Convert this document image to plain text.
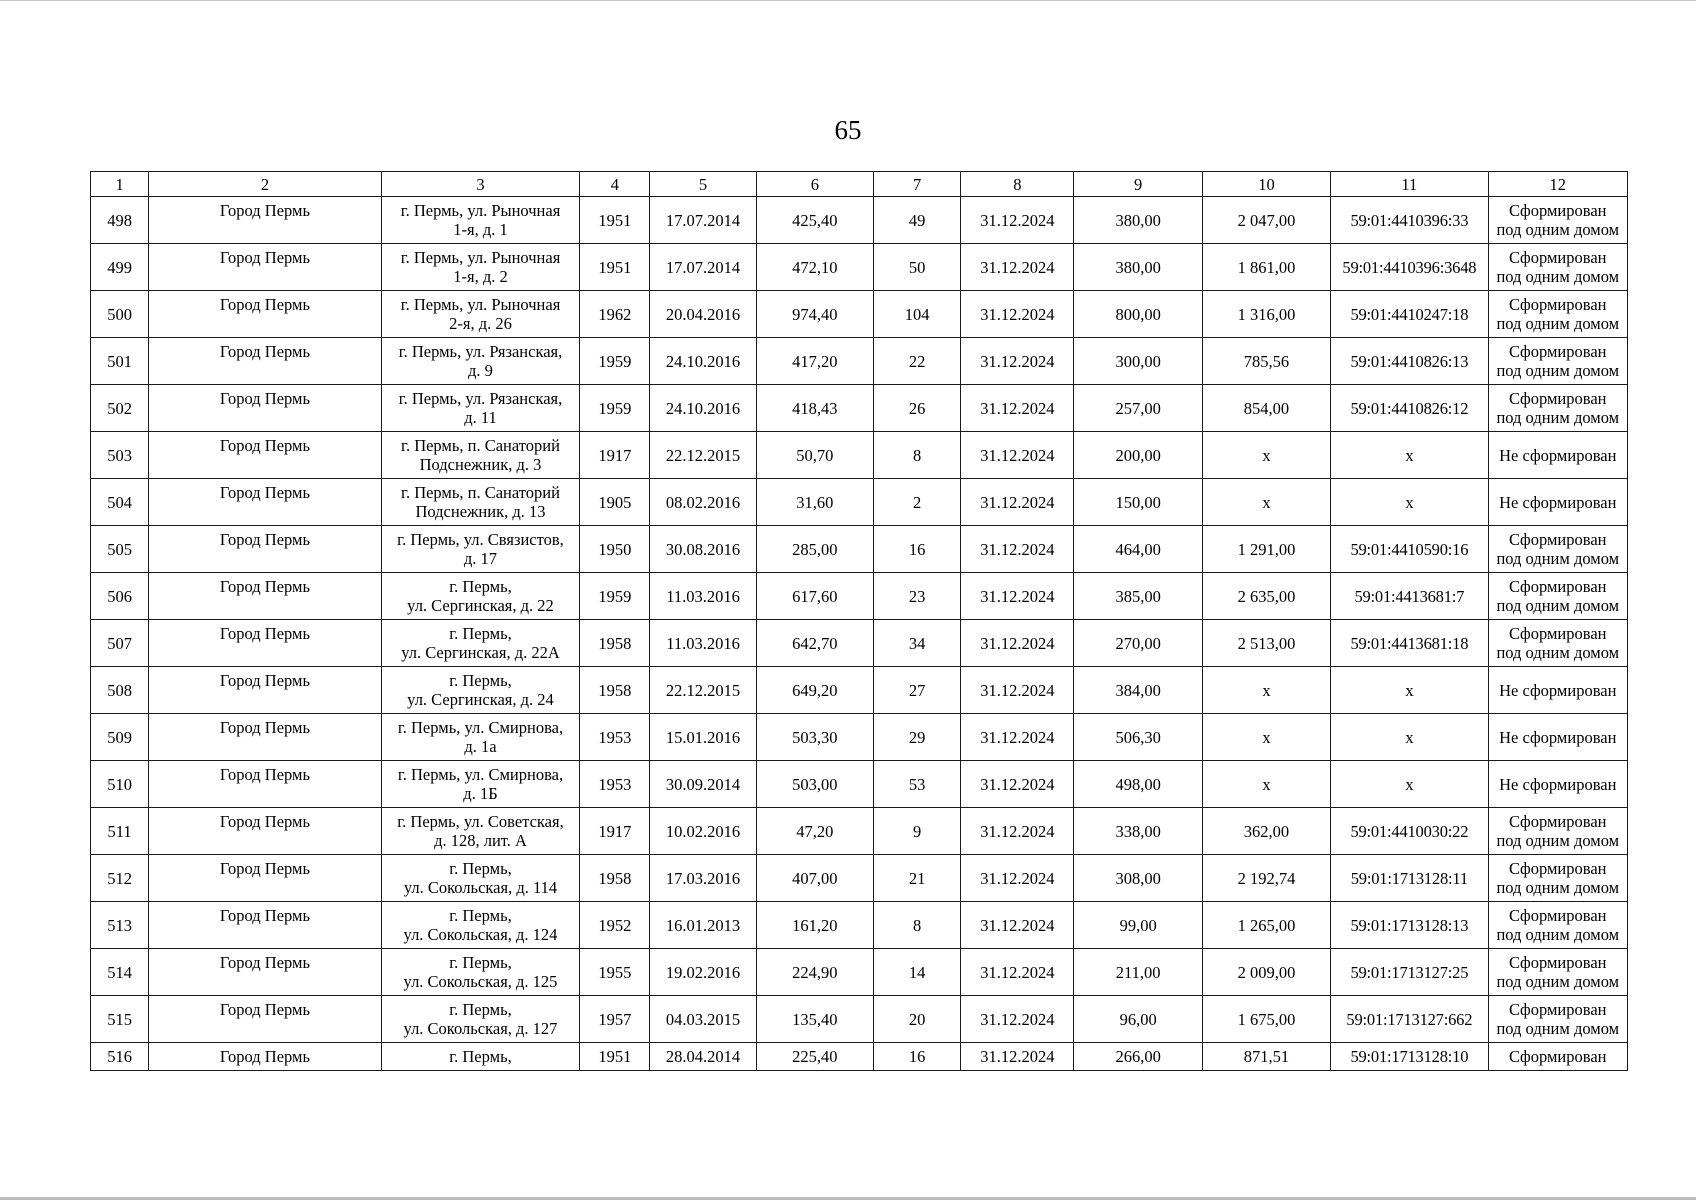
65
1	2	3	4	5	6	7	8	9	10	11	12
498	Город Пермь	г. Пермь, ул. Рыночная
1-я, д. 1	1951	17.07.2014	425,40	49	31.12.2024	380,00	2 047,00	59:01:4410396:33	Сформирован
под одним домом
499	Город Пермь	г. Пермь, ул. Рыночная
1-я, д. 2	1951	17.07.2014	472,10	50	31.12.2024	380,00	1 861,00	59:01:4410396:3648	Сформирован
под одним домом
500	Город Пермь	г. Пермь, ул. Рыночная
2-я, д. 26	1962	20.04.2016	974,40	104	31.12.2024	800,00	1 316,00	59:01:4410247:18	Сформирован
под одним домом
501	Город Пермь	г. Пермь, ул. Рязанская,
д. 9	1959	24.10.2016	417,20	22	31.12.2024	300,00	785,56	59:01:4410826:13	Сформирован
под одним домом
502	Город Пермь	г. Пермь, ул. Рязанская,
д. 11	1959	24.10.2016	418,43	26	31.12.2024	257,00	854,00	59:01:4410826:12	Сформирован
под одним домом
503	Город Пермь	г. Пермь, п. Санаторий
Подснежник, д. 3	1917	22.12.2015	50,70	8	31.12.2024	200,00	x	x	Не сформирован

504	Город Пермь	г. Пермь, п. Санаторий
Подснежник, д. 13	1905	08.02.2016	31,60	2	31.12.2024	150,00	x	x	Не сформирован

505	Город Пермь	г. Пермь, ул. Связистов,
д. 17	1950	30.08.2016	285,00	16	31.12.2024	464,00	1 291,00	59:01:4410590:16	Сформирован
под одним домом
506	Город Пермь	г. Пермь,
ул. Сергинская, д. 22	1959	11.03.2016	617,60	23	31.12.2024	385,00	2 635,00	59:01:4413681:7	Сформирован
под одним домом
507	Город Пермь	г. Пермь,
ул. Сергинская, д. 22А	1958	11.03.2016	642,70	34	31.12.2024	270,00	2 513,00	59:01:4413681:18	Сформирован
под одним домом
508	Город Пермь	г. Пермь,
ул. Сергинская, д. 24	1958	22.12.2015	649,20	27	31.12.2024	384,00	x	x	Не сформирован

509	Город Пермь	г. Пермь, ул. Смирнова,
д. 1а	1953	15.01.2016	503,30	29	31.12.2024	506,30	x	x	Не сформирован

510	Город Пермь	г. Пермь, ул. Смирнова,
д. 1Б	1953	30.09.2014	503,00	53	31.12.2024	498,00	x	x	Не сформирован

511	Город Пермь	г. Пермь, ул. Советская,
д. 128, лит. А	1917	10.02.2016	47,20	9	31.12.2024	338,00	362,00	59:01:4410030:22	Сформирован
под одним домом
512	Город Пермь	г. Пермь,
ул. Сокольская, д. 114	1958	17.03.2016	407,00	21	31.12.2024	308,00	2 192,74	59:01:1713128:11	Сформирован
под одним домом
513	Город Пермь	г. Пермь,
ул. Сокольская, д. 124	1952	16.01.2013	161,20	8	31.12.2024	99,00	1 265,00	59:01:1713128:13	Сформирован
под одним домом
514	Город Пермь	г. Пермь,
ул. Сокольская, д. 125	1955	19.02.2016	224,90	14	31.12.2024	211,00	2 009,00	59:01:1713127:25	Сформирован
под одним домом
515	Город Пермь	г. Пермь,
ул. Сокольская, д. 127	1957	04.03.2015	135,40	20	31.12.2024	96,00	1 675,00	59:01:1713127:662	Сформирован
под одним домом
516	Город Пермь	г. Пермь,	1951	28.04.2014	225,40	16	31.12.2024	266,00	871,51	59:01:1713128:10	Сформирован
